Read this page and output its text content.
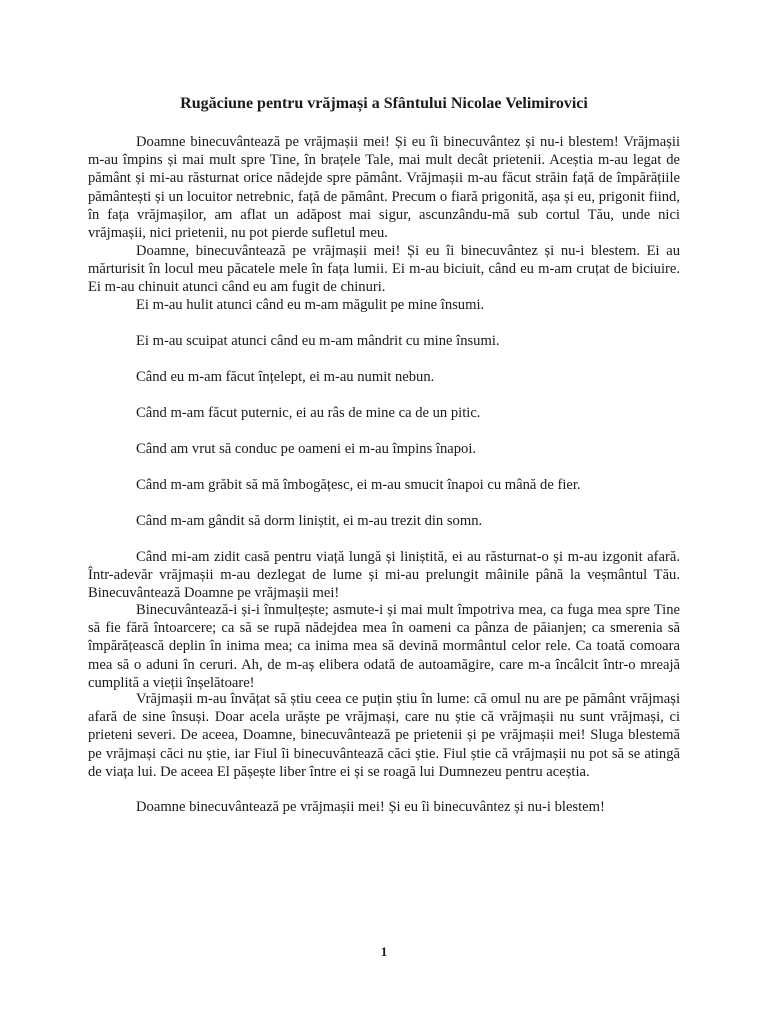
Rugăciune pentru vrăjmași a Sfântului Nicolae Velimirovici

Doamne binecuvântează pe vrăjmașii mei! Și eu îi binecuvântez și nu-i blestem! Vrăjmașii m-au împins și mai mult spre Tine, în brațele Tale, mai mult decât prietenii. Aceștia m-au legat de pământ și mi-au răsturnat orice nădejde spre pământ. Vrăjmașii m-au făcut străin față de împărățiile pământești și un locuitor netrebnic, față de pământ. Precum o fiară prigonită, așa și eu, prigonit fiind, în fața vrăjmașilor, am aflat un adăpost mai sigur, ascunzându-mă sub cortul Tău, unde nici vrăjmașii, nici prietenii, nu pot pierde sufletul meu.

Doamne, binecuvântează pe vrăjmașii mei! Și eu îi binecuvântez și nu-i blestem. Ei au mărturisit în locul meu păcatele mele în fața lumii. Ei m-au biciuit, când eu m-am cruțat de biciuire. Ei m-au chinuit atunci când eu am fugit de chinuri.

Ei m-au hulit atunci când eu m-am măgulit pe mine însumi.

Ei m-au scuipat atunci când eu m-am mândrit cu mine însumi.

Când eu m-am făcut înțelept, ei m-au numit nebun.

Când m-am făcut puternic, ei au râs de mine ca de un pitic.

Când am vrut să conduc pe oameni ei m-au împins înapoi.

Când m-am grăbit să mă îmbogățesc, ei m-au smucit înapoi cu mână de fier.

Când m-am gândit să dorm liniștit, ei m-au trezit din somn.

Când mi-am zidit casă pentru viață lungă și liniștită, ei au răsturnat-o și m-au izgonit afară. Într-adevăr vrăjmașii m-au dezlegat de lume și mi-au prelungit mâinile până la veșmântul Tău. Binecuvântează Doamne pe vrăjmașii mei!

Binecuvântează-i și-i înmulțește; asmute-i și mai mult împotriva mea, ca fuga mea spre Tine să fie fără întoarcere; ca să se rupă nădejdea mea în oameni ca pânza de păianjen; ca smerenia să împărățească deplin în inima mea; ca inima mea să devină mormântul celor rele. Ca toată comoara mea să o aduni în ceruri. Ah, de m-aș elibera odată de autoamăgire, care m-a încâlcit într-o mreajă cumplită a vieții înșelătoare!

Vrăjmașii m-au învățat să știu ceea ce puțin știu în lume: că omul nu are pe pământ vrăjmași afară de sine însuși. Doar acela urăște pe vrăjmași, care nu știe că vrăjmașii nu sunt vrăjmași, ci prieteni severi. De aceea, Doamne, binecuvântează pe prietenii și pe vrăjmașii mei! Sluga blestemă pe vrăjmași căci nu știe, iar Fiul îi binecuvântează căci știe. Fiul știe că vrăjmașii nu pot să se atingă de viața lui. De aceea El pășește liber între ei și se roagă lui Dumnezeu pentru aceștia.

Doamne binecuvântează pe vrăjmașii mei! Și eu îi binecuvântez și nu-i blestem!

1
